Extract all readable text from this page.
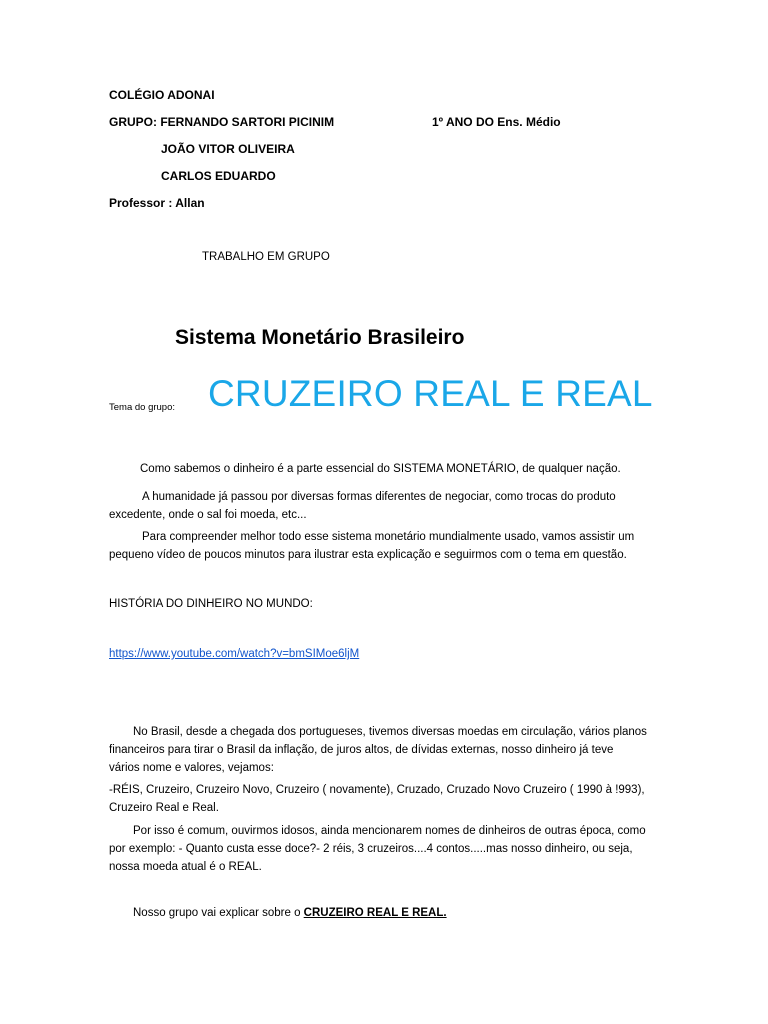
COLÉGIO ADONAI
GRUPO: FERNANDO SARTORI PICINIM	1º ANO DO Ens. Médio
JOÃO VITOR OLIVEIRA
CARLOS EDUARDO
Professor : Allan
TRABALHO EM GRUPO
Sistema Monetário Brasileiro
Tema do grupo: CRUZEIRO REAL E REAL
Como sabemos o dinheiro é a parte essencial do SISTEMA MONETÁRIO, de qualquer nação.
A humanidade já passou por diversas formas diferentes de negociar, como trocas do produto
excedente, onde o sal foi moeda, etc...
Para compreender melhor todo esse sistema monetário mundialmente usado, vamos assistir um
pequeno vídeo de poucos minutos para ilustrar esta explicação e seguirmos com o tema em questão.
HISTÓRIA DO DINHEIRO NO MUNDO:
https://www.youtube.com/watch?v=bmSIMoe6ljM
No Brasil, desde a chegada dos portugueses, tivemos diversas moedas em circulação, vários planos
financeiros para tirar o Brasil da inflação, de juros altos, de dívidas externas, nosso dinheiro já teve
vários nome e valores, vejamos:
-RÉIS, Cruzeiro, Cruzeiro Novo, Cruzeiro ( novamente), Cruzado, Cruzado Novo Cruzeiro ( 1990 à !993),
Cruzeiro Real e Real.
Por isso é comum, ouvirmos idosos, ainda mencionarem nomes de dinheiros de outras época, como
por exemplo: - Quanto custa esse doce?- 2 réis, 3 cruzeiros....4 contos.....mas nosso dinheiro, ou seja,
nossa moeda atual é o REAL.
Nosso grupo vai explicar sobre o CRUZEIRO REAL E REAL.
